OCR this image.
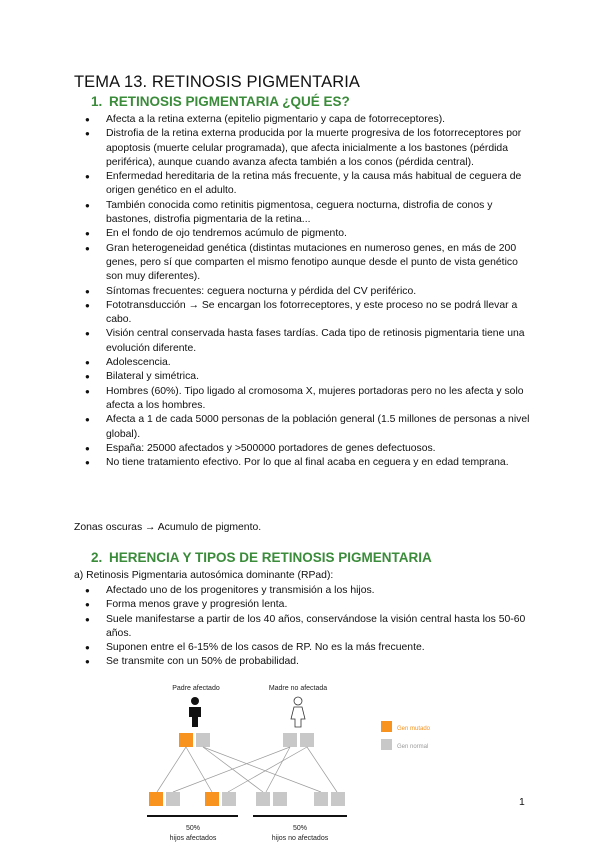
TEMA 13. RETINOSIS PIGMENTARIA
1. RETINOSIS PIGMENTARIA ¿QUÉ ES?
● Afecta a la retina externa (epitelio pigmentario y capa de fotorreceptores).
● Distrofia de la retina externa producida por la muerte progresiva de los fotorreceptores por apoptosis (muerte celular programada), que afecta inicialmente a los bastones (pérdida periférica), aunque cuando avanza afecta también a los conos (pérdida central).
● Enfermedad hereditaria de la retina más frecuente, y la causa más habitual de ceguera de origen genético en el adulto.
● También conocida como retinitis pigmentosa, ceguera nocturna, distrofia de conos y bastones, distrofia pigmentaria de la retina...
● En el fondo de ojo tendremos acúmulo de pigmento.
● Gran heterogeneidad genética (distintas mutaciones en numeroso genes, en más de 200 genes, pero sí que comparten el mismo fenotipo aunque desde el punto de vista genético son muy diferentes).
● Síntomas frecuentes: ceguera nocturna y pérdida del CV periférico.
● Fototransducción → Se encargan los fotorreceptores, y este proceso no se podrá llevar a cabo.
● Visión central conservada hasta fases tardías. Cada tipo de retinosis pigmentaria tiene una evolución diferente.
● Adolescencia.
● Bilateral y simétrica.
● Hombres (60%). Tipo ligado al cromosoma X, mujeres portadoras pero no les afecta y solo afecta a los hombres.
● Afecta a 1 de cada 5000 personas de la población general (1.5 millones de personas a nivel global).
● España: 25000 afectados y >500000 portadores de genes defectuosos.
● No tiene tratamiento efectivo. Por lo que al final acaba en ceguera y en edad temprana.
Zonas oscuras → Acumulo de pigmento.
2. HERENCIA Y TIPOS DE RETINOSIS PIGMENTARIA
a) Retinosis Pigmentaria autosómica dominante (RPad):
● Afectado uno de los progenitores y transmisión a los hijos.
● Forma menos grave y progresión lenta.
● Suele manifestarse a partir de los 40 años, conservándose la visión central hasta los 50-60 años.
● Suponen entre el 6-15% de los casos de RP. No es la más frecuente.
● Se transmite con un 50% de probabilidad.
Padre afectado	Madre no afectada
50%
hijos afectados
50%
hijos no afectados
Gen mutado
Gen normal
1
